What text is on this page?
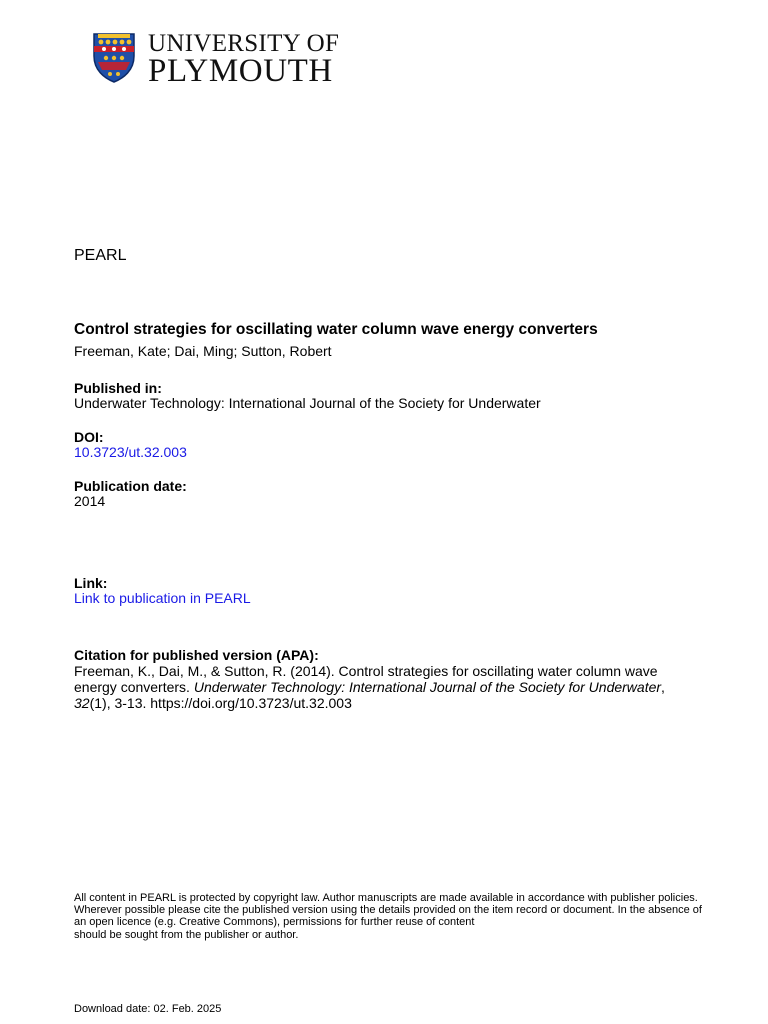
UNIVERSITY OF
PLYMOUTH
PEARL
Control strategies for oscillating water column wave energy converters
Freeman, Kate; Dai, Ming; Sutton, Robert
Published in:
Underwater Technology: International Journal of the Society for Underwater
DOI:
10.3723/ut.32.003
Publication date:
2014
Link:
Link to publication in PEARL
Citation for published version (APA):
Freeman, K., Dai, M., & Sutton, R. (2014). Control strategies for oscillating water column wave energy converters. Underwater Technology: International Journal of the Society for Underwater, 32(1), 3-13. https://doi.org/10.3723/ut.32.003
All content in PEARL is protected by copyright law. Author manuscripts are made available in accordance with publisher policies. Wherever possible please cite the published version using the details provided on the item record or document. In the absence of an open licence (e.g. Creative Commons), permissions for further reuse of content
should be sought from the publisher or author.
Download date: 02. Feb. 2025
